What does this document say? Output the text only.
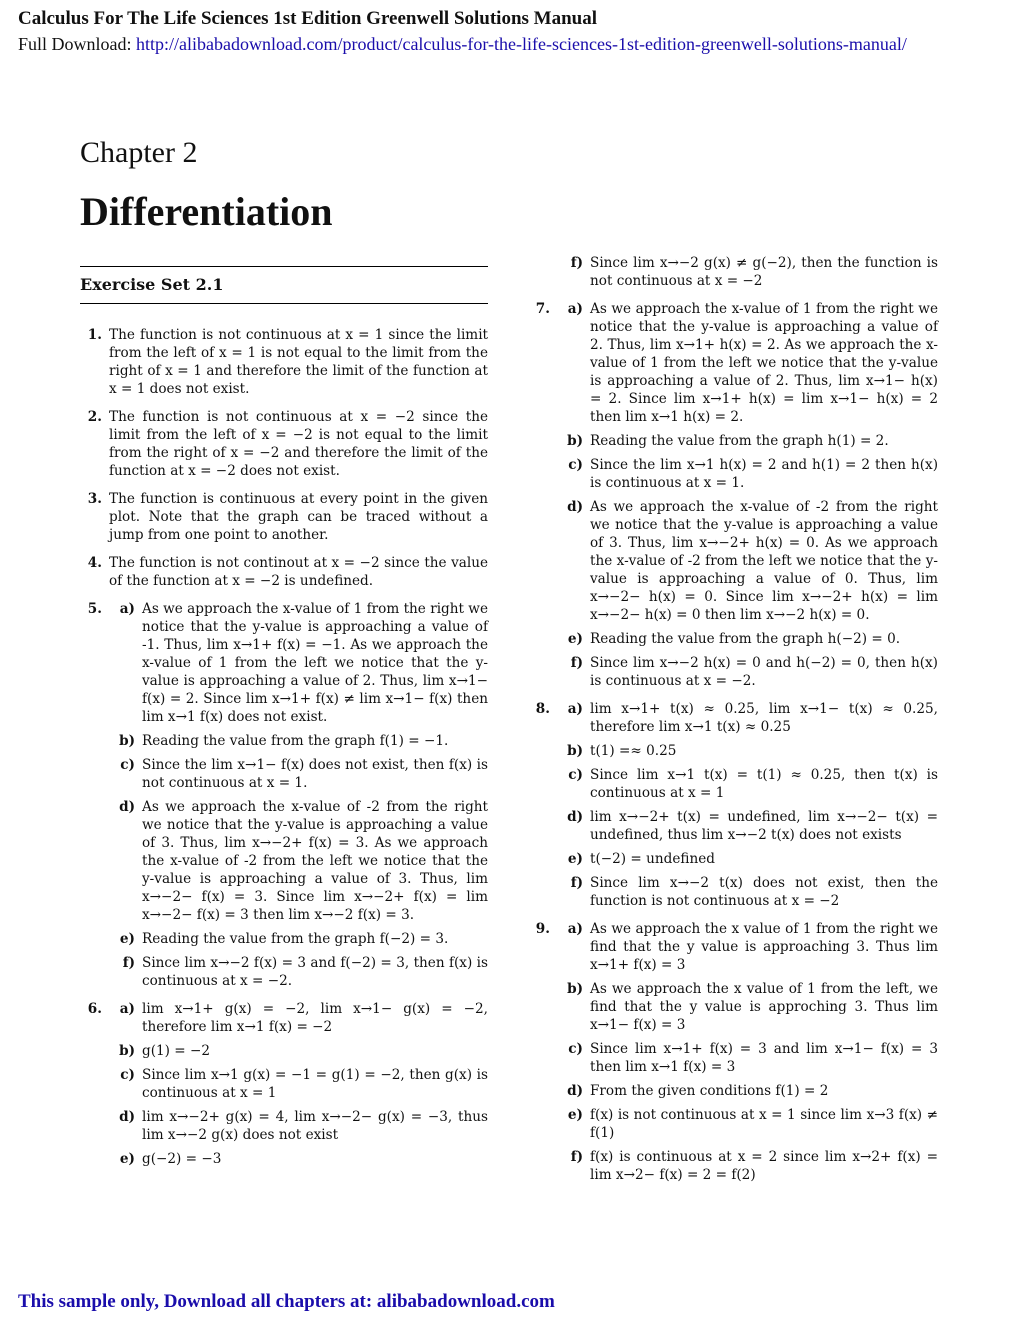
Calculus For The Life Sciences 1st Edition Greenwell Solutions Manual
Full Download: http://alibabadownload.com/product/calculus-for-the-life-sciences-1st-edition-greenwell-solutions-manual/
Chapter 2
Differentiation
Exercise Set 2.1
1. The function is not continuous at x = 1 since the limit from the left of x = 1 is not equal to the limit from the right of x = 1 and therefore the limit of the function at x = 1 does not exist.
2. The function is not continuous at x = −2 since the limit from the left of x = −2 is not equal to the limit from the right of x = −2 and therefore the limit of the function at x = −2 does not exist.
3. The function is continuous at every point in the given plot. Note that the graph can be traced without a jump from one point to another.
4. The function is not continout at x = −2 since the value of the function at x = −2 is undefined.
5.	a) As we approach the x-value of 1 from the right we notice that the y-value is approaching a value of -1. Thus, lim x→1+ f(x) = −1. As we approach the x-value of 1 from the left we notice that the y-value is approaching a value of 2. Thus, lim x→1− f(x) = 2. Since lim x→1+ f(x) ≠ lim x→1− f(x) then lim x→1 f(x) does not exist.
b) Reading the value from the graph f(1) = −1.
c) Since the lim x→1− f(x) does not exist, then f(x) is not continuous at x = 1.
d) As we approach the x-value of -2 from the right we notice that the y-value is approaching a value of 3. Thus, lim x→−2+ f(x) = 3. As we approach the x-value of -2 from the left we notice that the y-value is approaching a value of 3. Thus, lim x→−2− f(x) = 3. Since lim x→−2+ f(x) = lim x→−2− f(x) = 3 then lim x→−2 f(x) = 3.
e) Reading the value from the graph f(−2) = 3.
f) Since lim x→−2 f(x) = 3 and f(−2) = 3, then f(x) is continuous at x = −2.
6.	a) lim x→1+ g(x) = −2, lim x→1− g(x) = −2, therefore lim x→1 f(x) = −2
b) g(1) = −2
c) Since lim x→1 g(x) = −1 = g(1) = −2, then g(x) is continuous at x = 1
d) lim x→−2+ g(x) = 4, lim x→−2− g(x) = −3, thus lim x→−2 g(x) does not exist
e) g(−2) = −3
f) Since lim x→−2 g(x) ≠ g(−2), then the function is not continuous at x = −2
7.	a) As we approach the x-value of 1 from the right we notice that the y-value is approaching a value of 2. Thus, lim x→1+ h(x) = 2. As we approach the x-value of 1 from the left we notice that the y-value is approaching a value of 2. Thus, lim x→1− h(x) = 2. Since lim x→1+ h(x) = lim x→1− h(x) = 2 then lim x→1 h(x) = 2.
b) Reading the value from the graph h(1) = 2.
c) Since the lim x→1 h(x) = 2 and h(1) = 2 then h(x) is continuous at x = 1.
d) As we approach the x-value of -2 from the right we notice that the y-value is approaching a value of 3. Thus, lim x→−2+ h(x) = 0. As we approach the x-value of -2 from the left we notice that the y-value is approaching a value of 0. Thus, lim x→−2− h(x) = 0. Since lim x→−2+ h(x) = lim x→−2− h(x) = 0 then lim x→−2 h(x) = 0.
e) Reading the value from the graph h(−2) = 0.
f) Since lim x→−2 h(x) = 0 and h(−2) = 0, then h(x) is continuous at x = −2.
8.	a) lim x→1+ t(x) ≈ 0.25, lim x→1− t(x) ≈ 0.25, therefore lim x→1 t(x) ≈ 0.25
b) t(1) =≈ 0.25
c) Since lim x→1 t(x) = t(1) ≈ 0.25, then t(x) is continuous at x = 1
d) lim x→−2+ t(x) = undefined, lim x→−2− t(x) = undefined, thus lim x→−2 t(x) does not exists
e) t(−2) = undefined
f) Since lim x→−2 t(x) does not exist, then the function is not continuous at x = −2
9.	a) As we approach the x value of 1 from the right we find that the y value is approaching 3. Thus lim x→1+ f(x) = 3
b) As we approach the x value of 1 from the left, we find that the y value is approching 3. Thus lim x→1− f(x) = 3
c) Since lim x→1+ f(x) = 3 and lim x→1− f(x) = 3 then lim x→1 f(x) = 3
d) From the given conditions f(1) = 2
e) f(x) is not continuous at x = 1 since lim x→3 f(x) ≠ f(1)
f) f(x) is continuous at x = 2 since lim x→2+ f(x) = lim x→2− f(x) = 2 = f(2)
This sample only, Download all chapters at: alibabadownload.com
